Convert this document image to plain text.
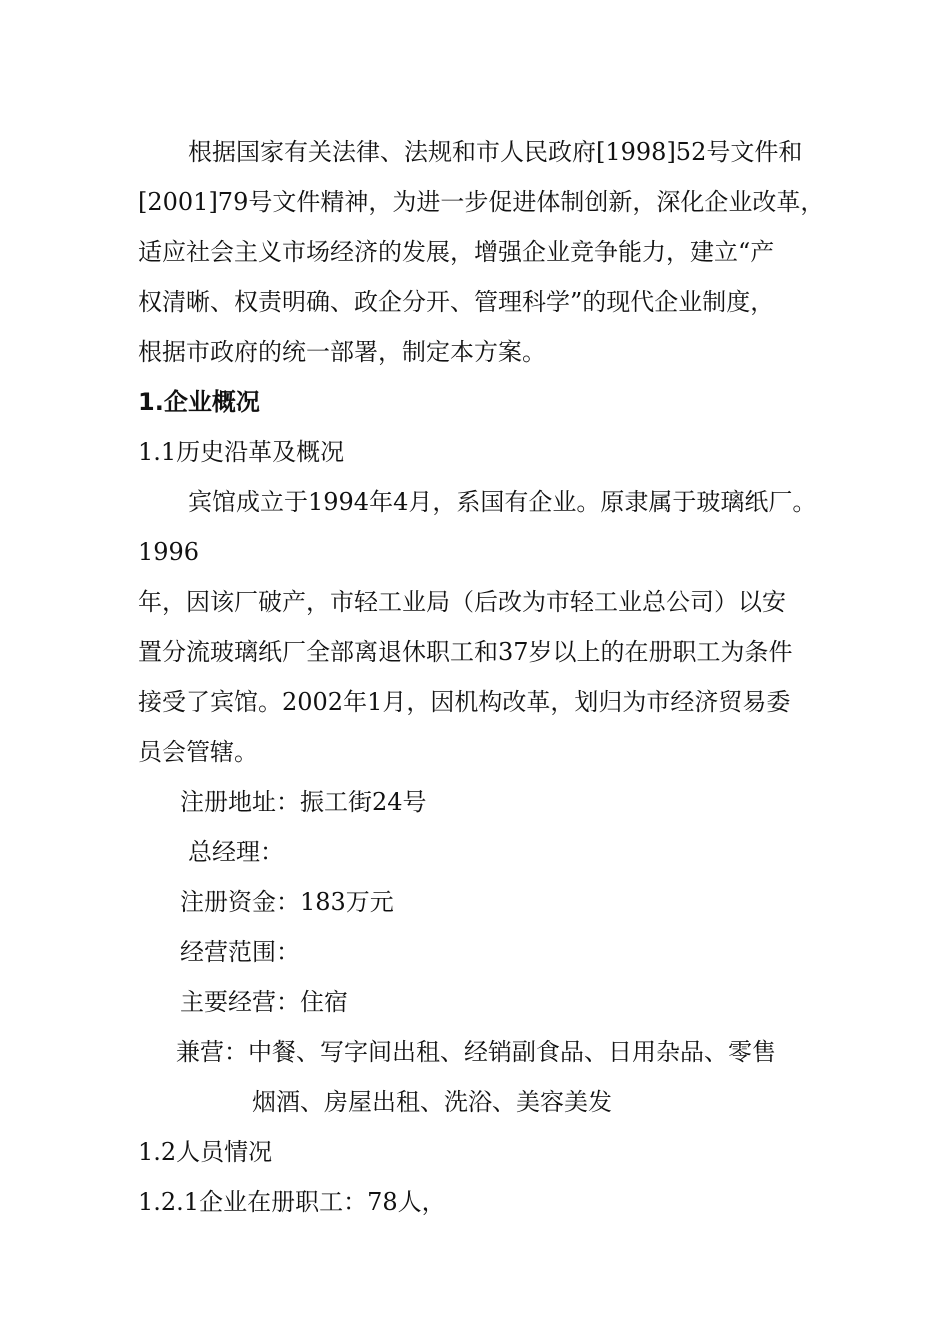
根据国家有关法律、法规和市人民政府[1998]52号文件和
[2001]79号文件精神，为进一步促进体制创新，深化企业改革，
适应社会主义市场经济的发展，增强企业竞争能力，建立“产
权清晰、权责明确、政企分开、管理科学”的现代企业制度，
根据市政府的统一部署，制定本方案。
1.企业概况
1.1历史沿革及概况
宾馆成立于1994年4月，系国有企业。原隶属于玻璃纸厂。
1996
年，因该厂破产，市轻工业局（后改为市轻工业总公司）以安
置分流玻璃纸厂全部离退休职工和37岁以上的在册职工为条件
接受了宾馆。2002年1月，因机构改革，划归为市经济贸易委
员会管辖。
注册地址：振工街24号
总经理：
注册资金：183万元
经营范围：
主要经营：住宿
兼营：中餐、写字间出租、经销副食品、日用杂品、零售
烟酒、房屋出租、洗浴、美容美发
1.2人员情况
1.2.1企业在册职工：78人，
